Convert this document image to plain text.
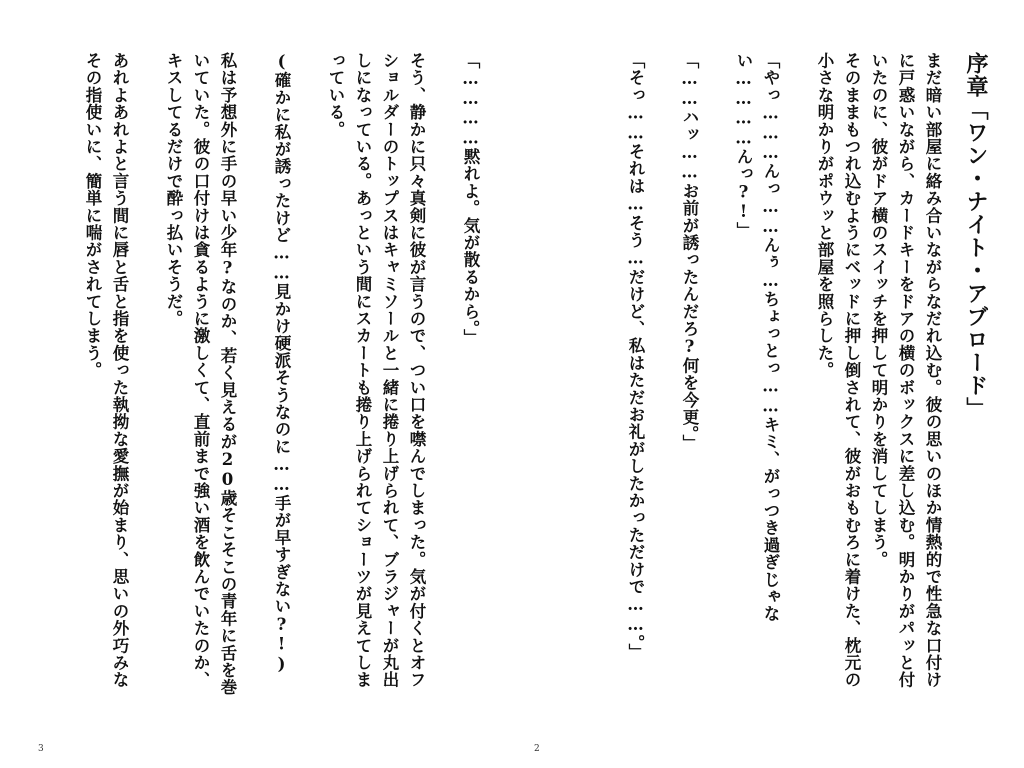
序章「ワン・ナイト・アブロード」

まだ暗い部屋に絡み合いながらなだれ込む。彼の思いのほか情熱的で性急な口付けに戸惑いながら、カードキーをドアの横のボックスに差し込む。明かりがパッと付いたのに、彼がドア横のスイッチを押して明かりを消してしまう。

そのままもつれ込むようにベッドに押し倒されて、彼がおもむろに着けた、枕元の小さな明かりがポウッと部屋を照らした。

「やっ………んっ……んぅ…ちょっとっ……キミ、がっつき過ぎじゃない…………んっ?!」

「……ハッ……お前が誘ったんだろ?何を今更。」

「そっ……それは…そう…だけど、私はただお礼がしたかっただけで……。」

2

「…………黙れよ。気が散るから。」

そう、静かに只々真剣に彼が言うので、つい口を噤んでしまった。気が付くとオフショルダーのトップスはキャミソールと一緒に捲り上げられて、ブラジャーが丸出しになっている。あっという間にスカートも捲り上げられてショーツが見えてしまっている。

(確かに私が誘ったけど……見かけ硬派そうなのに……手が早すぎない?!)

私は予想外に手の早い少年?なのか、若く見えるが20歳そこそこの青年に舌を巻いていた。彼の口付けは貪るように激しくて、直前まで強い酒を飲んでいたのか、キスしてるだけで酔っ払いそうだ。

あれよあれよと言う間に唇と舌と指を使った執拗な愛撫が始まり、思いの外巧みなその指使いに、簡単に喘がされてしまう。

3
